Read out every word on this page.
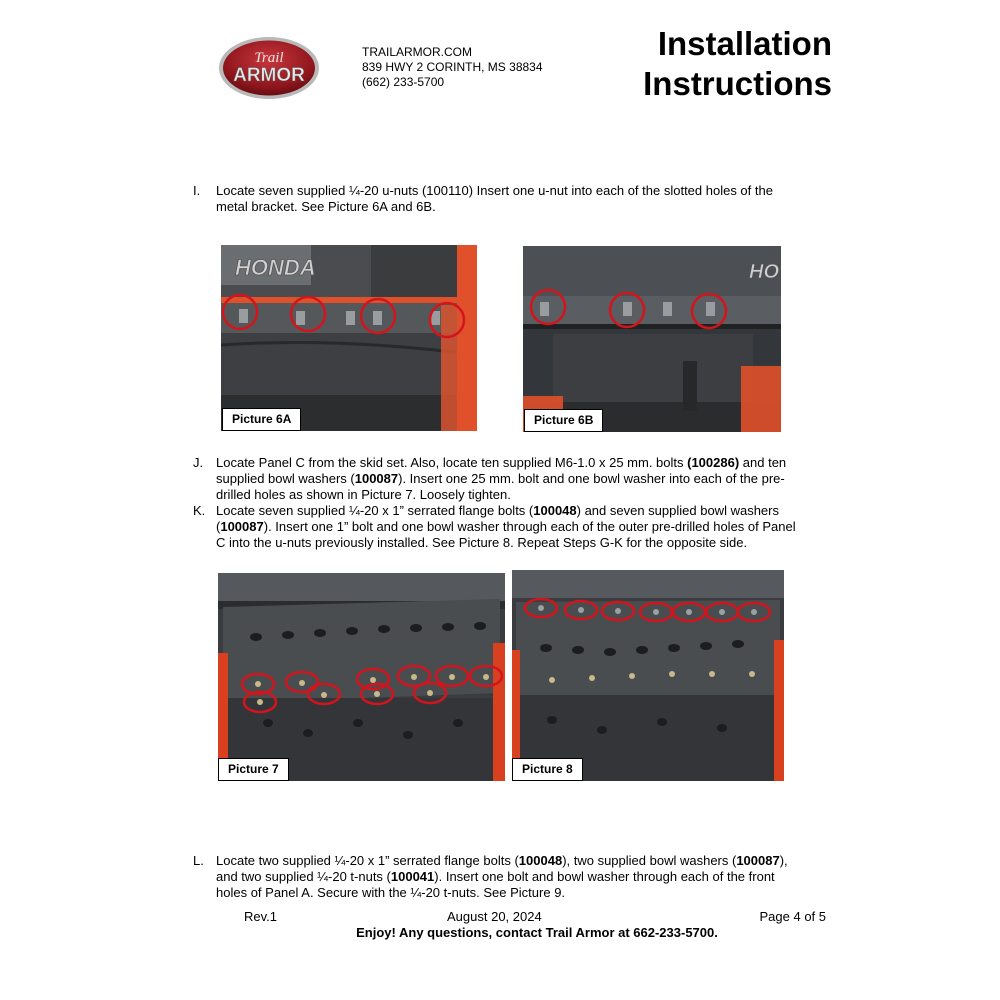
Trail
ARMOR
TRAILARMOR.COM
839 HWY 2 CORINTH, MS 38834
(662) 233-5700
Installation
Instructions
I. Locate seven supplied ¼-20 u-nuts (100110) Insert one u-nut into each of the slotted holes of the
metal bracket. See Picture 6A and 6B.
HONDA
Picture 6A
HO
Picture 6B
J. Locate Panel C from the skid set. Also, locate ten supplied M6-1.0 x 25 mm. bolts (100286) and ten
supplied bowl washers (100087). Insert one 25 mm. bolt and one bowl washer into each of the pre-
drilled holes as shown in Picture 7. Loosely tighten.
K. Locate seven supplied ¼-20 x 1” serrated flange bolts (100048) and seven supplied bowl washers
(100087). Insert one 1” bolt and one bowl washer through each of the outer pre-drilled holes of Panel
C into the u-nuts previously installed. See Picture 8. Repeat Steps G-K for the opposite side.
Picture 7	Picture 8
L. Locate two supplied ¼-20 x 1” serrated flange bolts (100048), two supplied bowl washers (100087),
and two supplied ¼-20 t-nuts (100041). Insert one bolt and bowl washer through each of the front
holes of Panel A. Secure with the ¼-20 t-nuts. See Picture 9.
Rev.1	August 20, 2024	Page 4 of 5
Enjoy! Any questions, contact Trail Armor at 662-233-5700.
